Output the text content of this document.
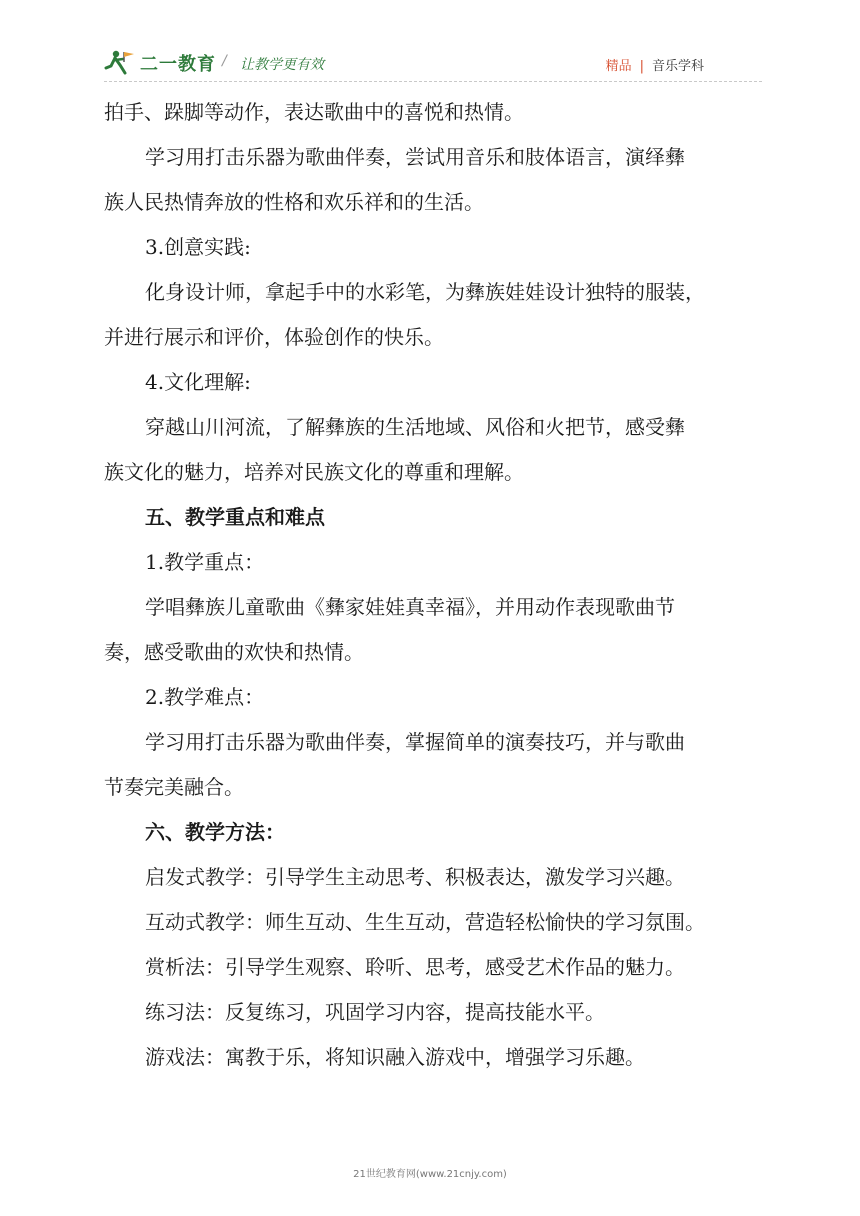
二一教育 / 让教学更有效	精品 | 音乐学科

拍手、跺脚等动作，表达歌曲中的喜悦和热情。

学习用打击乐器为歌曲伴奏，尝试用音乐和肢体语言，演绎彝

族人民热情奔放的性格和欢乐祥和的生活。

3.创意实践:

化身设计师，拿起手中的水彩笔，为彝族娃娃设计独特的服装，

并进行展示和评价，体验创作的快乐。

4.文化理解:

穿越山川河流，了解彝族的生活地域、风俗和火把节，感受彝

族文化的魅力，培养对民族文化的尊重和理解。

五、教学重点和难点

1.教学重点：

学唱彝族儿童歌曲《彝家娃娃真幸福》，并用动作表现歌曲节

奏，感受歌曲的欢快和热情。

2.教学难点：

学习用打击乐器为歌曲伴奏，掌握简单的演奏技巧，并与歌曲

节奏完美融合。

六、教学方法：

启发式教学：引导学生主动思考、积极表达，激发学习兴趣。

互动式教学：师生互动、生生互动，营造轻松愉快的学习氛围。

赏析法：引导学生观察、聆听、思考，感受艺术作品的魅力。

练习法：反复练习，巩固学习内容，提高技能水平。

游戏法：寓教于乐，将知识融入游戏中，增强学习乐趣。

21世纪教育网(www.21cnjy.com)
